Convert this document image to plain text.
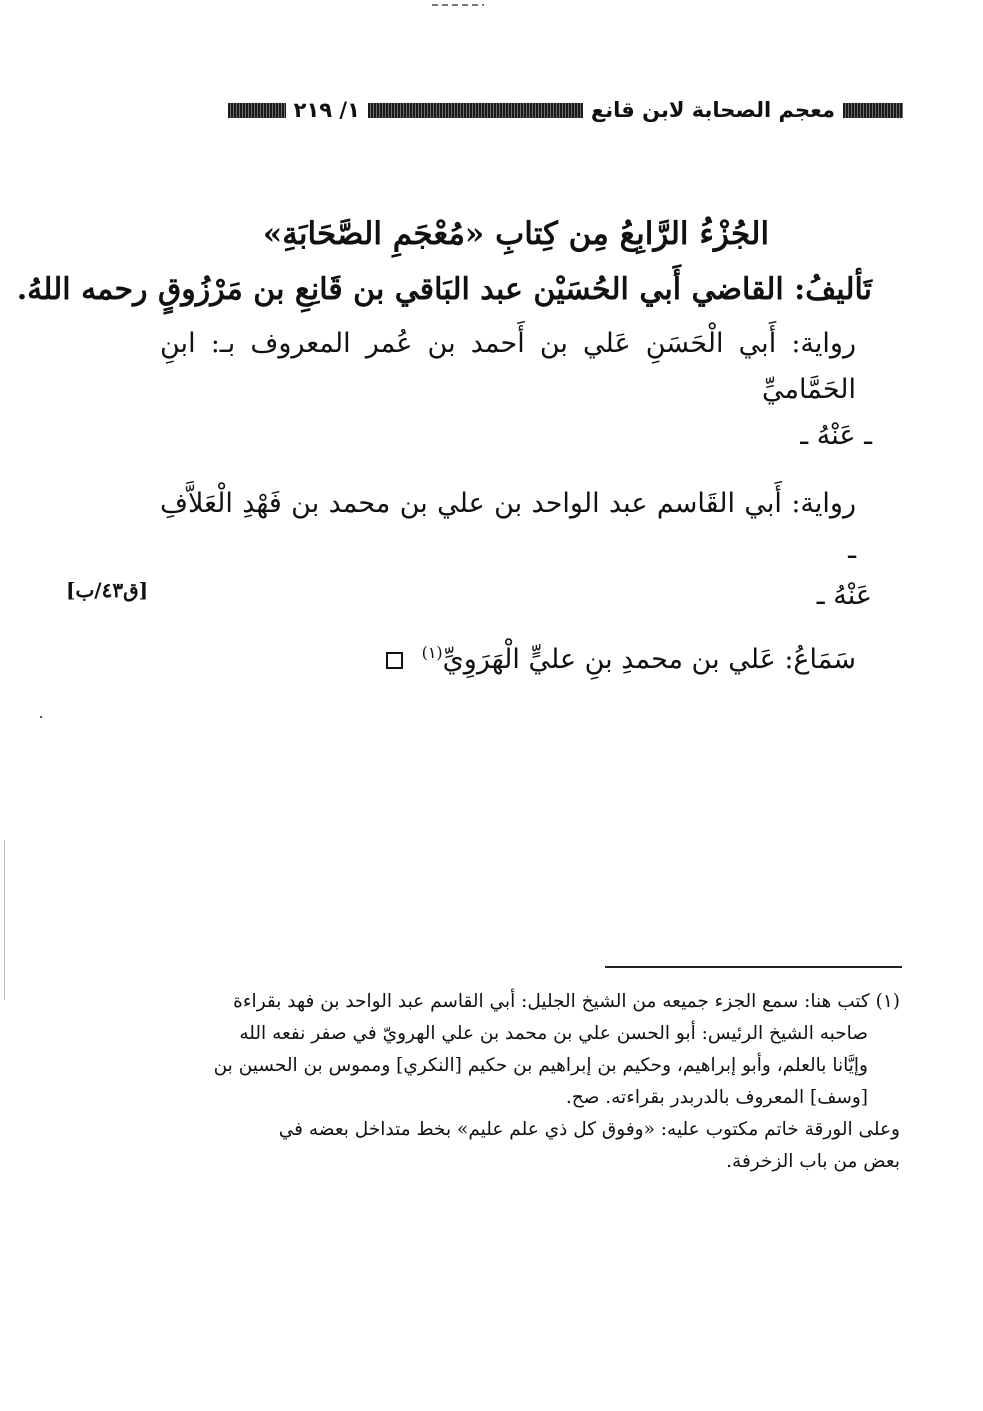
معجم الصحابة لابن قانع
١/ ٢١٩
الجُزْءُ الرَّابِعُ مِن كِتابِ «مُعْجَمِ الصَّحَابَةِ»
تَأليفُ: القاضي أَبي الحُسَيْن عبد البَاقي بن قَانِعِ بن مَرْزُوقٍ رحمه اللهُ.
رواية: أَبي الْحَسَنِ عَلي بن أَحمد بن عُمر المعروف بـ: ابنِ الحَمَّاميِّ
ـ عَنْهُ ـ
رواية: أَبي القَاسم عبد الواحد بن علي بن محمد بن فَهْدِ الْعَلاَّفِ ـ
عَنْهُ ـ
سَمَاعُ: عَلي بن محمدِ بنِ عليٍّ الْهَرَوِيِّ$^{(١)}$
[ق٤٣/ب]

(١) كتب هنا: سمع الجزء جميعه من الشيخ الجليل: أبي القاسم عبد الواحد بن فهد بقراءة

صاحبه الشيخ الرئيس: أبو الحسن علي بن محمد بن علي الهرويّ في صفر نفعه الله

وإيَّانا بالعلم، وأبو إبراهيم، وحكيم بن إبراهيم بن حكيم [النكري] ومموس بن الحسين بن

[وسف] المعروف بالدربدر بقراءته. صح.

وعلى الورقة خاتم مكتوب عليه: «وفوق كل ذي علم عليم» بخط متداخل بعضه في

بعض من باب الزخرفة.
